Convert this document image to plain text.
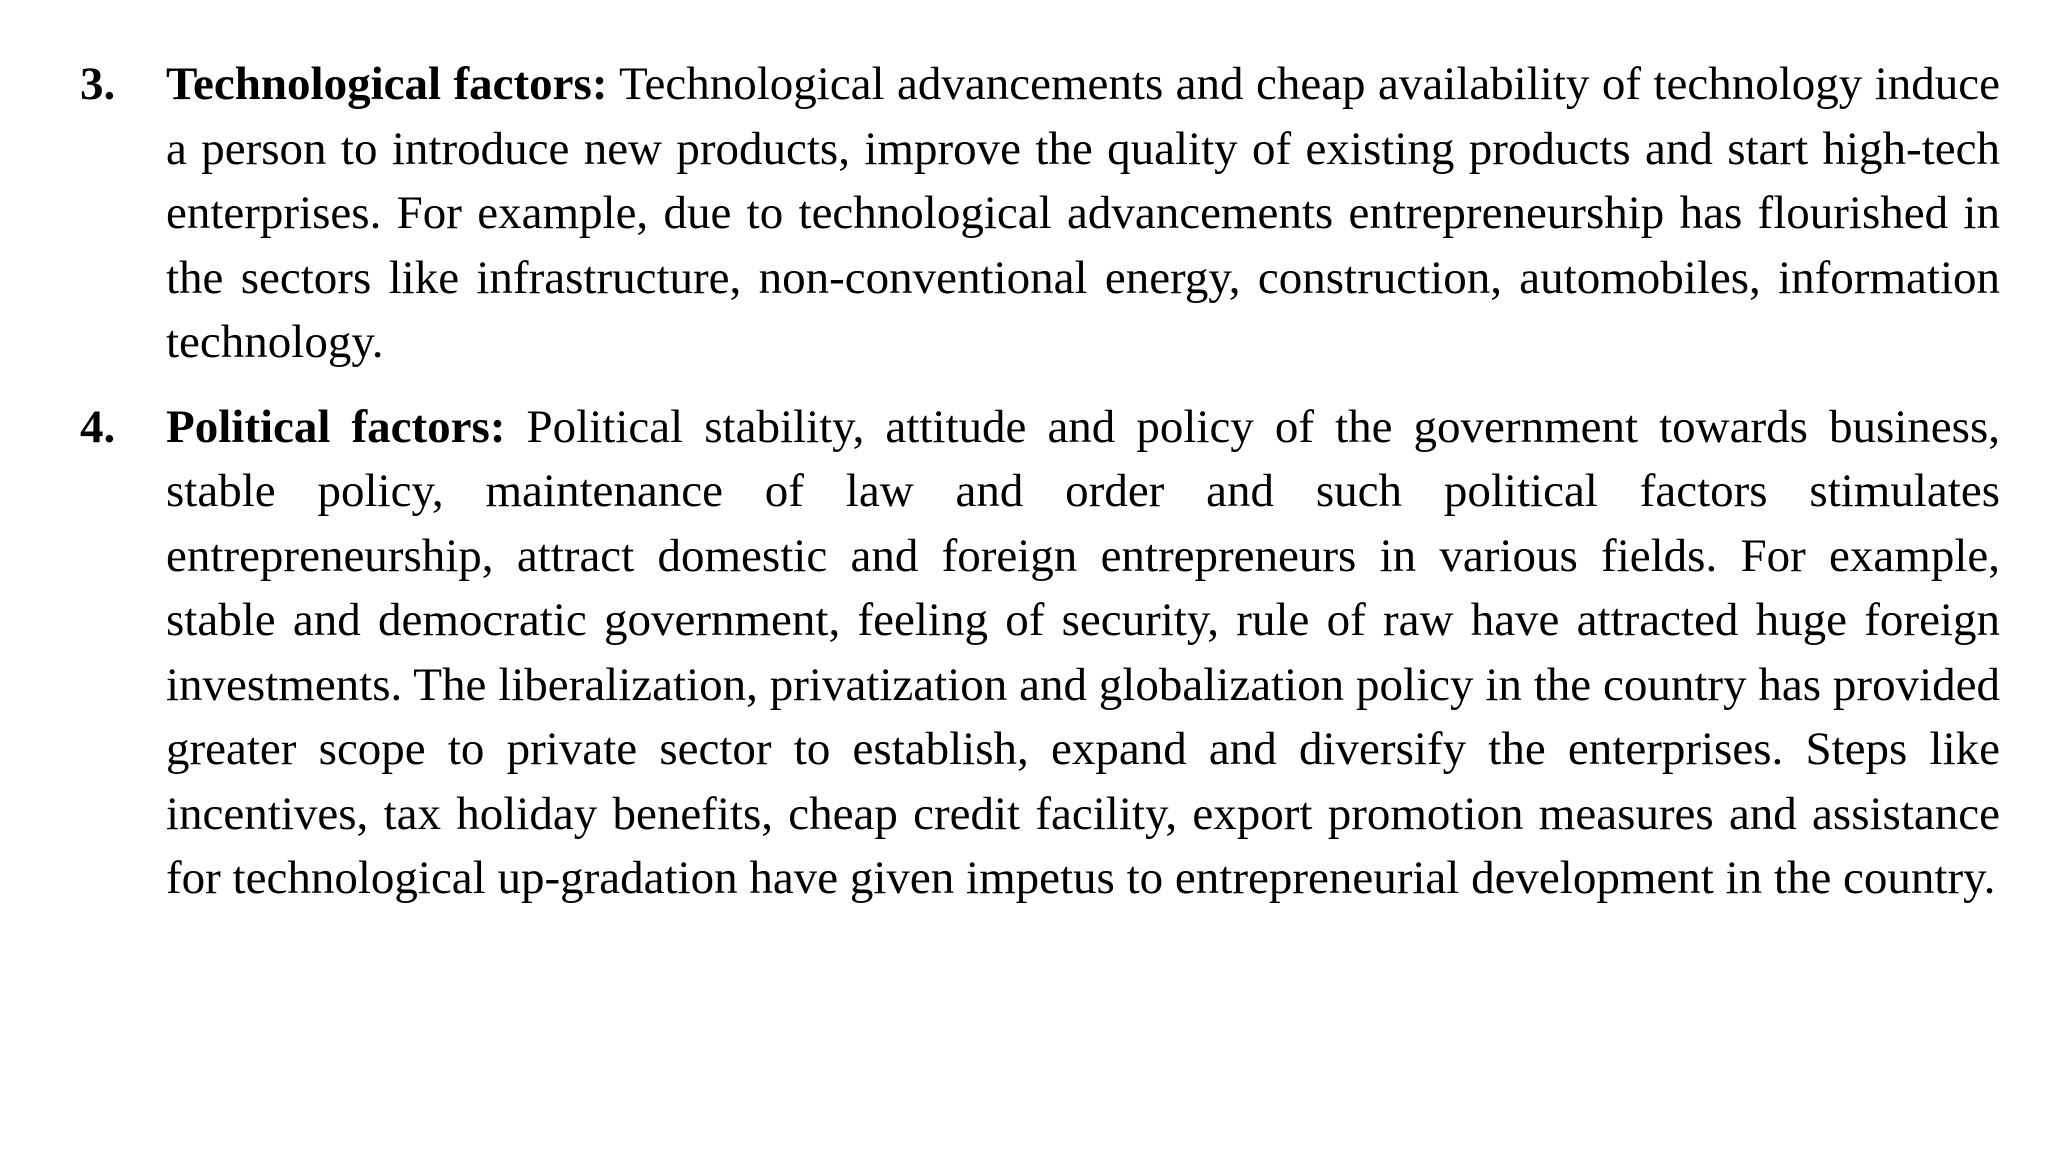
3.	Technological factors: Technological advancements and cheap availability of technology induce a person to introduce new products, improve the quality of existing products and start high-tech enterprises. For example, due to technological advancements entrepreneurship has flourished in the sectors like infrastructure, non-conventional energy, construction, automobiles, information technology.

4.	Political factors: Political stability, attitude and policy of the government towards business, stable policy, maintenance of law and order and such political factors stimulates entrepreneurship, attract domestic and foreign entrepreneurs in various fields. For example, stable and democratic government, feeling of security, rule of raw have attracted huge foreign investments. The liberalization, privatization and globalization policy in the country has provided greater scope to private sector to establish, expand and diversify the enterprises. Steps like incentives, tax holiday benefits, cheap credit facility, export promotion measures and assistance for technological up-gradation have given impetus to entrepreneurial development in the country.
